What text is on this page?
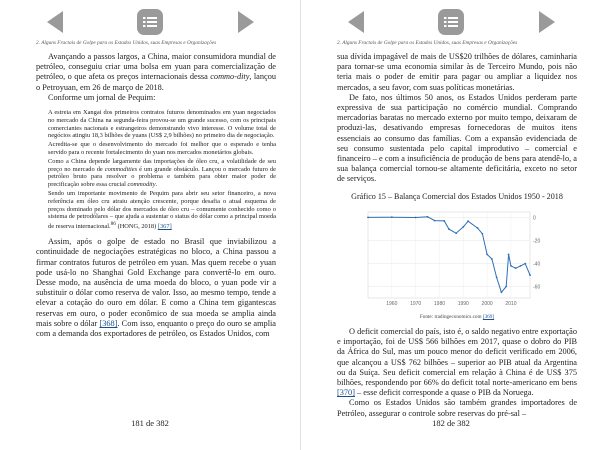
2. Alguns Fractais de Golpe para os Estados Unidos, suas Empresas e Organizações

Avançando a passos largos, a China, maior consumidora mundial de petróleo, conseguiu criar uma bolsa em yuan para comercialização de petróleo, o que afeta os preços internacionais dessa commo-dity, lançou o Petroyuan, em 26 de março de 2018.

Conforme um jornal de Pequim:

A estreia em Xangai dos primeiros contratos futuros denominados em yuan negociados no mercado da China na segunda-feira provou-se um grande sucesso, com os principais comerciantes nacionais e estrangeiros demonstrando vivo interesse. O volume total de negócios atingiu 18,3 bilhões de yuans (US$ 2,9 bilhões) no primeiro dia de negociação.

Acredita-se que o desenvolvimento do mercado foi melhor que o esperado e tenha servido para o recente fortalecimento do yuan nos mercados monetários globais.

Como a China depende largamente das importações de óleo cru, a volatilidade de seu preço no mercado de commodities é um grande obstáculo. Lançou o mercado futuro de petróleo bruto para resolver o problema e também para obter maior poder de precificação sobre essa crucial commodity.

Sendo um importante movimento de Pequim para abrir seu setor financeiro, a nova referência em óleo cru atraiu atenção crescente, porque desafia o atual esquema de preços dominado pelo dólar dos mercados de óleo cru – comumente conhecido como o sistema de petrodólares – que ajuda a sustentar o status do dólar como a principal moeda de reserva internacional.$^{86}$ (HONG, 2018) [367]

Assim, após o golpe de estado no Brasil que inviabilizou a continuidade de negociações estratégicas no bloco, a China passou a firmar contratos futuros de petróleo em yuan. Mas quem recebe o yuan pode usá-lo no Shanghai Gold Exchange para convertê-lo em ouro. Desse modo, na ausência de uma moeda do bloco, o yuan pode vir a substituir o dólar como reserva de valor. Isso, ao mesmo tempo, tende a elevar a cotação do ouro em dólar. E como a China tem gigantescas reservas em ouro, o poder econômico de sua moeda se amplia ainda mais sobre o dólar [368]. Com isso, enquanto o preço do ouro se amplia com a demanda dos exportadores de petróleo, os Estados Unidos, com

181 de 382
2. Alguns Fractais de Golpe para os Estados Unidos, suas Empresas e Organizações

sua dívida impagável de mais de US$20 trilhões de dólares, caminharia para tornar-se uma economia similar às de Terceiro Mundo, pois não teria mais o poder de emitir para pagar ou ampliar a liquidez nos mercados, a seu favor, com suas políticas monetárias.

De fato, nos últimos 50 anos, os Estados Unidos perderam parte expressiva de sua participação no comércio mundial. Comprando mercadorias baratas no mercado externo por muito tempo, deixaram de produzi-las, desativando empresas fornecedoras de muitos itens essenciais ao consumo das famílias. Com a expansão evidenciada de seu consumo sustentada pelo capital improdutivo – comercial e financeiro – e com a insuficiência de produção de bens para atendê-lo, a sua balança comercial tornou-se altamente deficitária, exceto no setor de serviços.

Gráfico 15 – Balança Comercial dos Estados Unidos 1950 - 2018
0
-20
-40
-60
1960	1970	1980	1990	2000	2010
Fonte: tradingeconomics.com [369]

O deficit comercial do país, isto é, o saldo negativo entre exportação e importação, foi de US$ 566 bilhões em 2017, quase o dobro do PIB da África do Sul, mas um pouco menor do deficit verificado em 2006, que alcançou a US$ 762 bilhões – superior ao PIB atual da Argentina ou da Suíça. Seu deficit comercial em relação à China é de US$ 375 bilhões, respondendo por 66% do deficit total norte-americano em bens [370] – esse deficit corresponde a quase o PIB da Noruega.

Como os Estados Unidos são também grandes importadores de Petróleo, assegurar o controle sobre reservas do pré-sal –

182 de 382
